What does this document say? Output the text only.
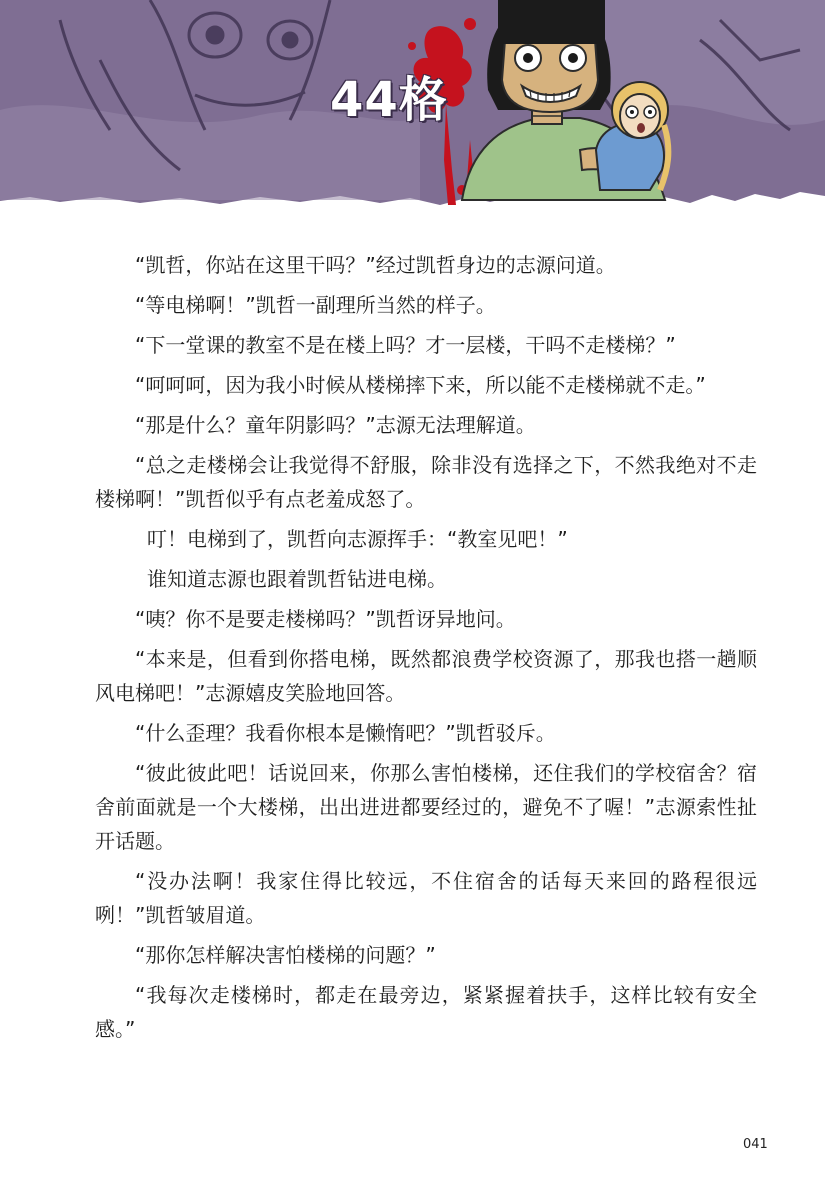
44格

“凯哲，你站在这里干吗？”经过凯哲身边的志源问道。

“等电梯啊！”凯哲一副理所当然的样子。

“下一堂课的教室不是在楼上吗？才一层楼，干吗不走楼梯？”

“呵呵呵，因为我小时候从楼梯摔下来，所以能不走楼梯就不走。”

“那是什么？童年阴影吗？”志源无法理解道。

“总之走楼梯会让我觉得不舒服，除非没有选择之下，不然我绝对不走楼梯啊！”凯哲似乎有点老羞成怒了。

叮！电梯到了，凯哲向志源挥手：“教室见吧！”

谁知道志源也跟着凯哲钻进电梯。

“咦？你不是要走楼梯吗？”凯哲讶异地问。

“本来是，但看到你搭电梯，既然都浪费学校资源了，那我也搭一趟顺风电梯吧！”志源嬉皮笑脸地回答。

“什么歪理？我看你根本是懒惰吧？”凯哲驳斥。

“彼此彼此吧！话说回来，你那么害怕楼梯，还住我们的学校宿舍？宿舍前面就是一个大楼梯，出出进进都要经过的，避免不了喔！”志源索性扯开话题。

“没办法啊！我家住得比较远，不住宿舍的话每天来回的路程很远咧！”凯哲皱眉道。

“那你怎样解决害怕楼梯的问题？”

“我每次走楼梯时，都走在最旁边，紧紧握着扶手，这样比较有安全感。”

041
